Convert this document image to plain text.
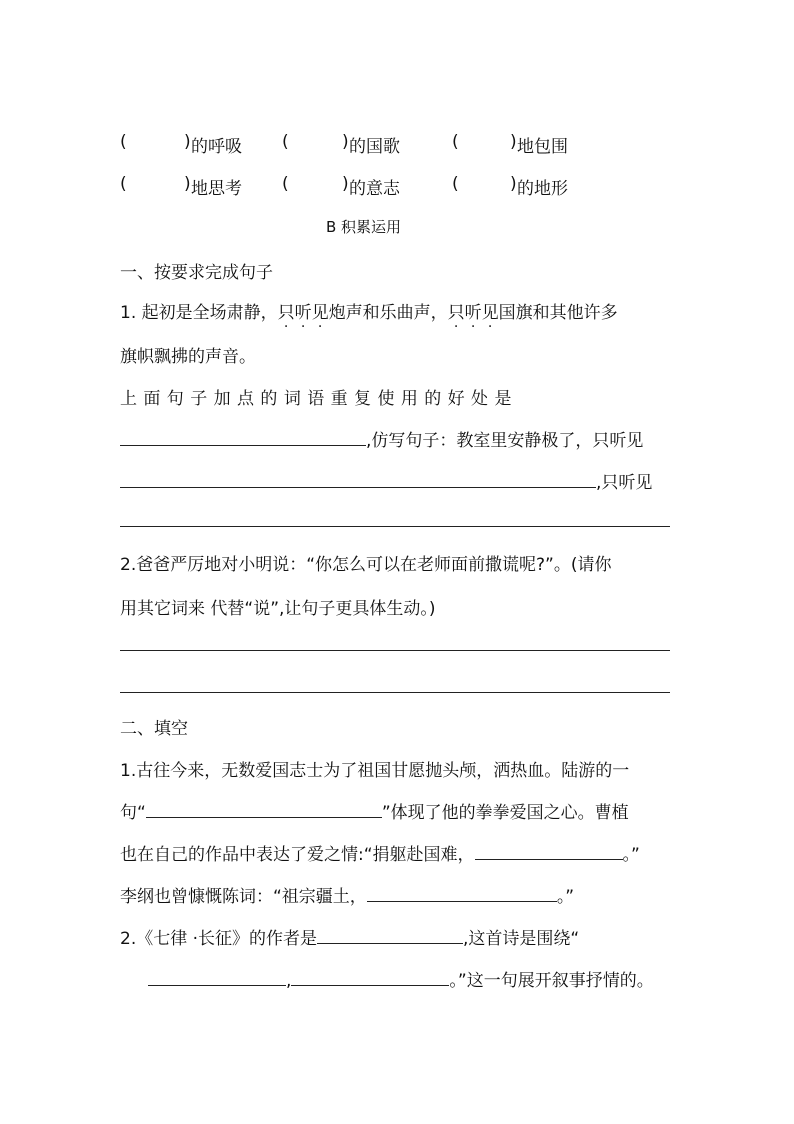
(	) 的呼吸 (	) 的国歌	(	) 地包围
(	) 地思考 (	) 的意志	(	) 的地形
B 积累运用
一、按要求完成句子
1. 起初是全场肃静，只听见炮声和乐曲声，只听见国旗和其他许多
旗帜飘拂的声音。
上 面 句 子 加 点 的 词 语 重 复 使 用 的 好 处 是
,仿写句子：教室里安静极了，只听见
,只听见
2.爸爸严厉地对小明说：“你怎么可以在老师面前撒谎呢?”。(请你
用其它词来 代替“说”,让句子更具体生动。)
二、填空
1.古往今来，无数爱国志士为了祖国甘愿抛头颅，洒热血。陆游的一
句“	”体现了他的拳拳爱国之心。曹植
也在自己的作品中表达了爱之情:“捐躯赴国难，	。”
李纲也曾慷慨陈词：“祖宗疆土，	。”
2.《七律 ·长征》的作者是	,这首诗是围绕“
,	。”这一句展开叙事抒情的。
